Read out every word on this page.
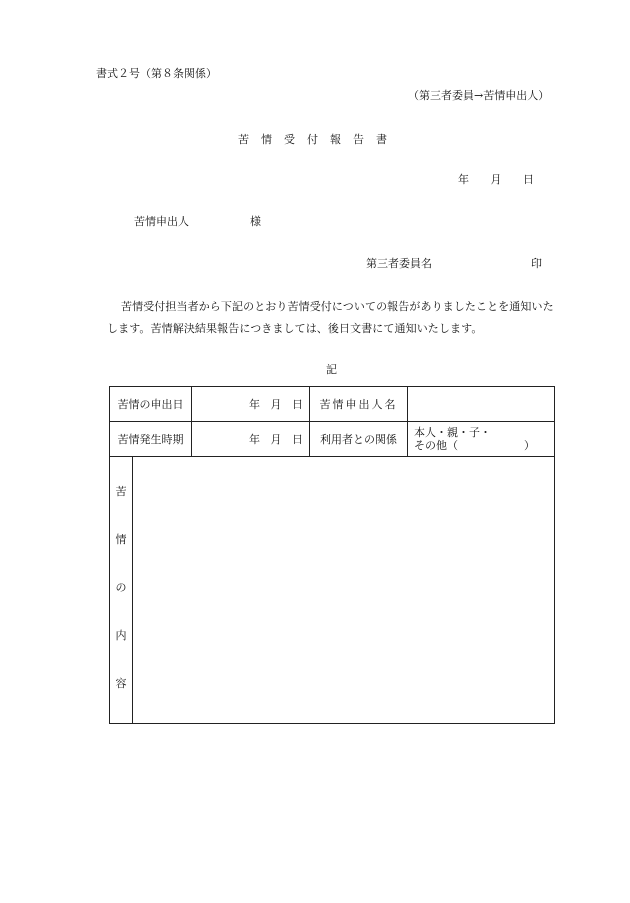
書式２号（第８条関係）
（第三者委員→苦情申出人）
苦情受付報告書
年 月 日
苦情申出人	様
第三者委員名	印
苦情受付担当者から下記のとおり苦情受付についての報告がありましたことを通知いたします。苦情解決結果報告につきましては、後日文書にて通知いたします。
記
苦情の申出日		年 月 日	苦情申出人名	
苦情発生時期		年 月 日	利用者との関係	本人・親・子・
その他（　　　　　　）

苦
情
の
内
容				
